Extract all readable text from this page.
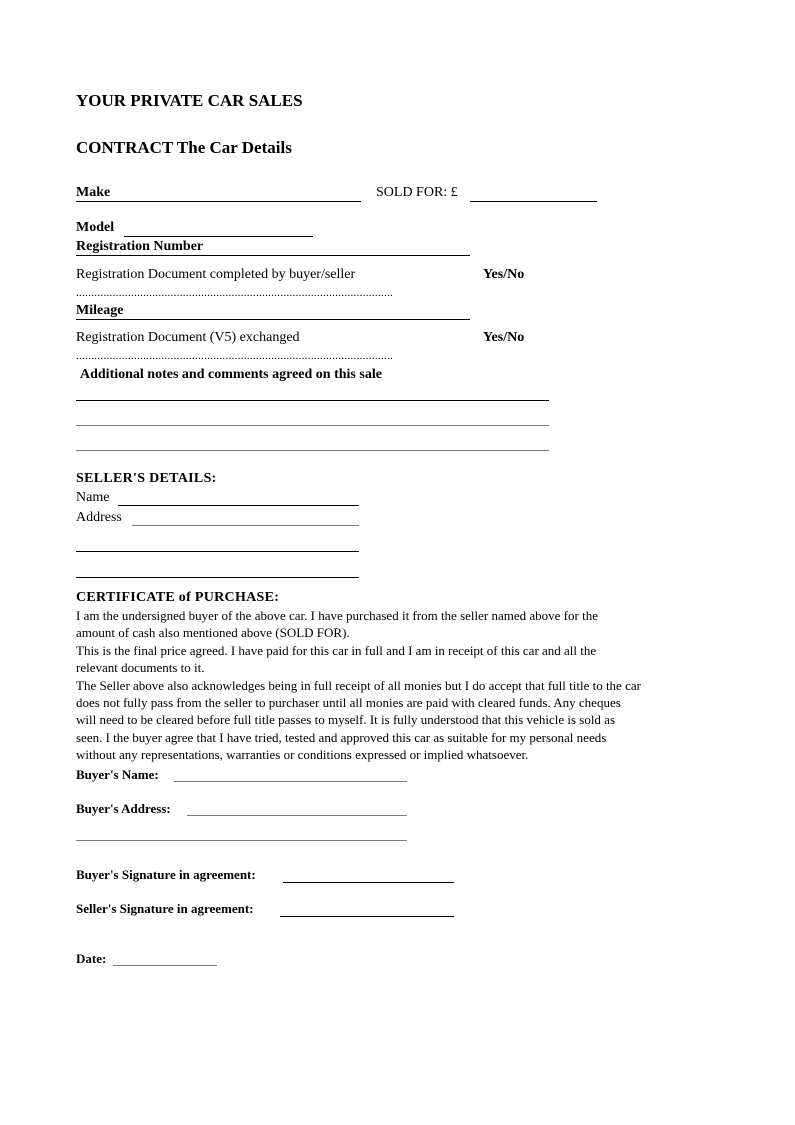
YOUR PRIVATE CAR SALES
CONTRACT The Car Details
Make	SOLD FOR: £
Model
Registration Number
Registration Document completed by buyer/seller	Yes/No
........................................................................................................
Mileage
Registration Document (V5) exchanged	Yes/No
........................................................................................................
Additional notes and comments agreed on this sale
SELLER'S DETAILS:
Name
Address
CERTIFICATE of PURCHASE:
I am the undersigned buyer of the above car. I have purchased it from the seller named above for the
amount of cash also mentioned above (SOLD FOR).
This is the final price agreed. I have paid for this car in full and I am in receipt of this car and all the
relevant documents to it.
The Seller above also acknowledges being in full receipt of all monies but I do accept that full title to the car
does not fully pass from the seller to purchaser until all monies are paid with cleared funds. Any cheques
will need to be cleared before full title passes to myself. It is fully understood that this vehicle is sold as
seen. I the buyer agree that I have tried, tested and approved this car as suitable for my personal needs
without any representations, warranties or conditions expressed or implied whatsoever.
Buyer's Name:
Buyer's Address:
Buyer's Signature in agreement:
Seller's Signature in agreement:
Date:
